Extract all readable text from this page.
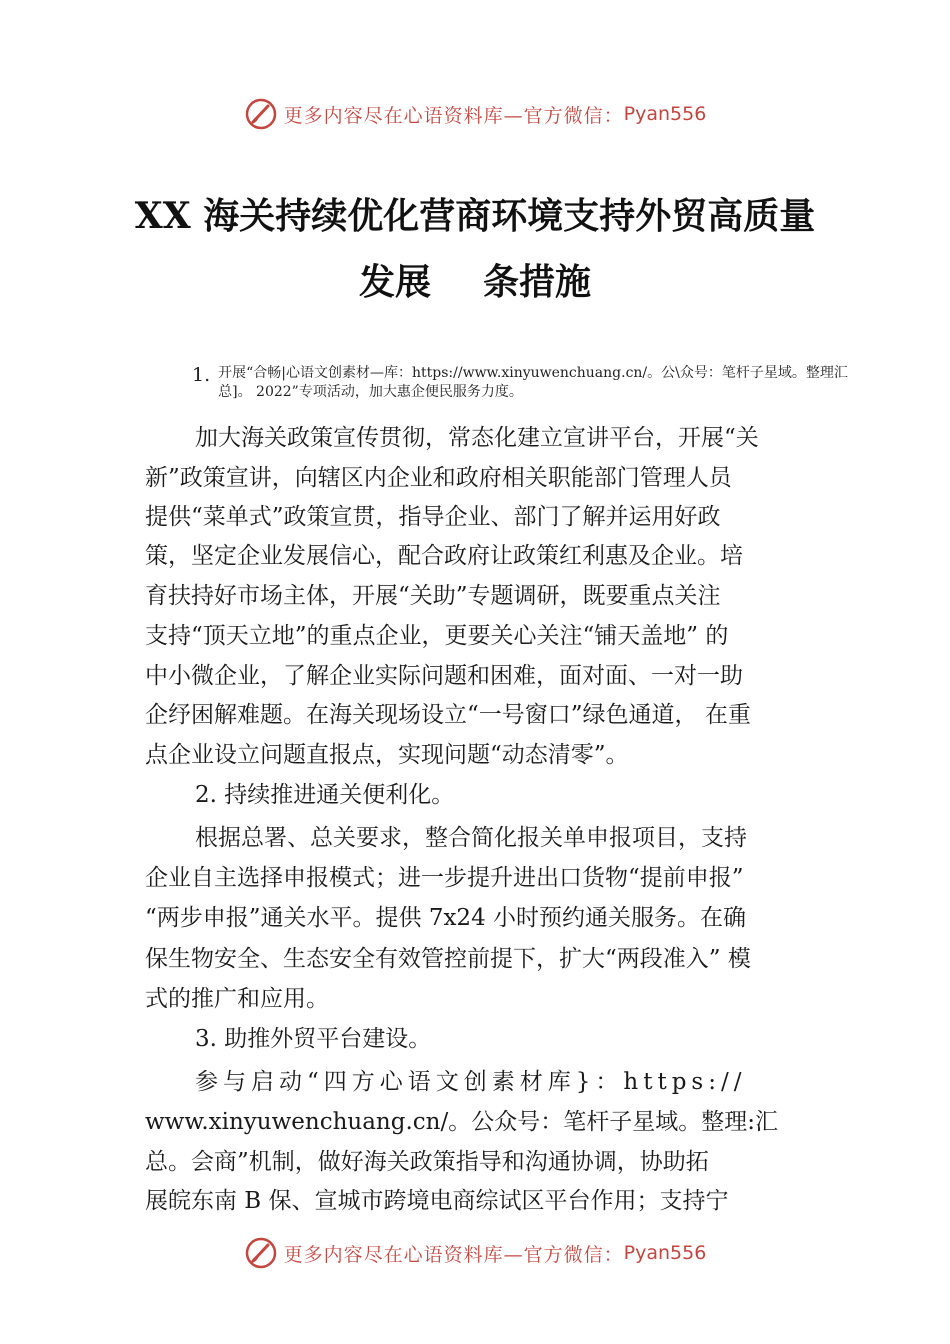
更多内容尽在心语资料库—官方微信： Pyan556
XX 海关持续优化营商环境支持外贸高质量
发展 条措施
1. 开展“合畅|心语文创素材—库：https://www.xinyuwenchuang.cn/。公\众号：笔杆子星域。整理汇总]。 2022”专项活动，加大惠企便民服务力度。
加大海关政策宣传贯彻，常态化建立宣讲平台，开展“关
新”政策宣讲，向辖区内企业和政府相关职能部门管理人员
提供“菜单式”政策宣贯，指导企业、部门了解并运用好政
策，坚定企业发展信心，配合政府让政策红利惠及企业。培
育扶持好市场主体，开展“关助”专题调研，既要重点关注
支持“顶天立地”的重点企业，更要关心关注“铺天盖地” 的
中小微企业，了解企业实际问题和困难，面对面、一对一助
企纾困解难题。在海关现场设立“一号窗口”绿色通道， 在重
点企业设立问题直报点，实现问题“动态清零”。
2. 持续推进通关便利化。
根据总署、总关要求，整合简化报关单申报项目，支持
企业自主选择申报模式；进一步提升进出口货物“提前申报”
“两步申报”通关水平。提供 7x24 小时预约通关服务。在确
保生物安全、生态安全有效管控前提下，扩大“两段准入” 模
式的推广和应用。
3. 助推外贸平台建设。
参与启动“四方心语文创素材库}：https://
www.xinyuwenchuang.cn/。公众号：笔杆子星域。整理:汇
总。会商”机制，做好海关政策指导和沟通协调，协助拓
展皖东南 B 保、宣城市跨境电商综试区平台作用；支持宁
更多内容尽在心语资料库—官方微信： Pyan556
